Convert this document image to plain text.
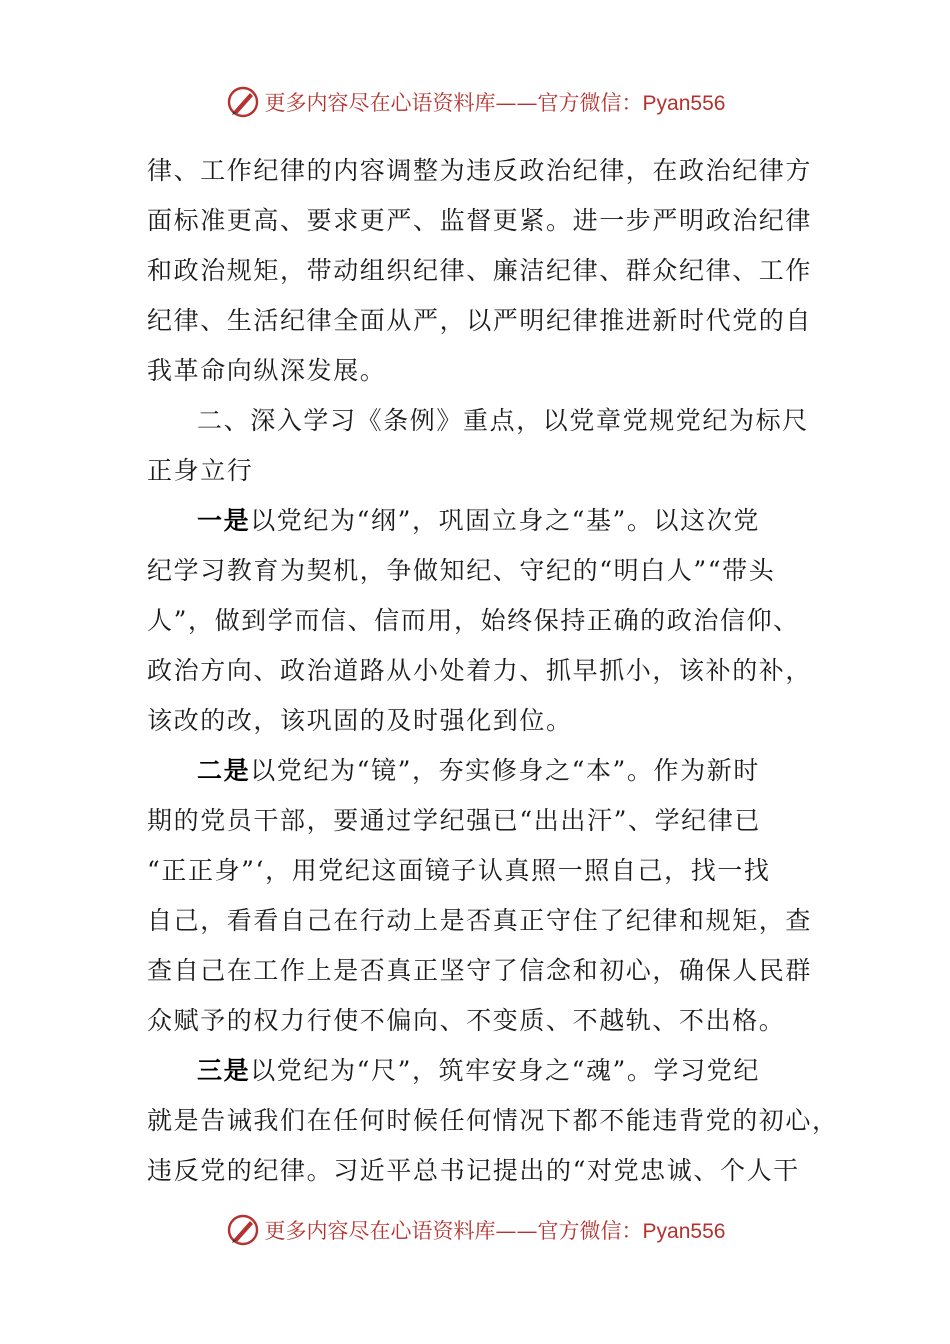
更多内容尽在心语资料库——官方微信：Pyan556
律、工作纪律的内容调整为违反政治纪律，在政治纪律方
面标准更高、要求更严、监督更紧。进一步严明政治纪律
和政治规矩，带动组织纪律、廉洁纪律、群众纪律、工作
纪律、生活纪律全面从严，以严明纪律推进新时代党的自
我革命向纵深发展。
二、深入学习《条例》重点，以党章党规党纪为标尺
正身立行
一是以党纪为“纲”，巩固立身之“基”。以这次党
纪学习教育为契机，争做知纪、守纪的“明白人”“带头
人”，做到学而信、信而用，始终保持正确的政治信仰、
政治方向、政治道路从小处着力、抓早抓小，该补的补，
该改的改，该巩固的及时强化到位。
二是以党纪为“镜”，夯实修身之“本”。作为新时
期的党员干部，要通过学纪强已“出出汗”、学纪律已
“正正身”‘，用党纪这面镜子认真照一照自己，找一找
自己，看看自己在行动上是否真正守住了纪律和规矩，查
查自己在工作上是否真正坚守了信念和初心，确保人民群
众赋予的权力行使不偏向、不变质、不越轨、不出格。
三是以党纪为“尺”，筑牢安身之“魂”。学习党纪
就是告诫我们在任何时候任何情况下都不能违背党的初心，
违反党的纪律。习近平总书记提出的“对党忠诚、个人干
更多内容尽在心语资料库——官方微信：Pyan556
